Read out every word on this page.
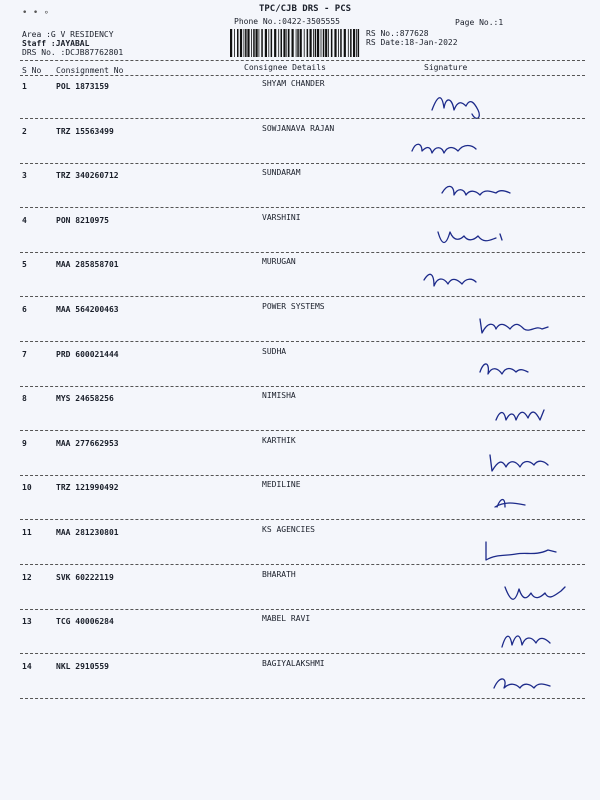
• • ∘	TPC/CJB DRS - PCS
Phone No.:0422-3505555
Area :G V RESIDENCY
Staff :JAYABAL
DRS No. :DCJB87762801
RS No.:877628
RS Date:18-Jan-2022
Page No.:1
S No Consignment No	Consignee Details	Signature
1	POL 1873159	SHYAM CHANDER
2	TRZ 15563499	SOWJANAVA RAJAN
3	TRZ 340260712	SUNDARAM
4	PON 8210975	VARSHINI
5	MAA 285858701	MURUGAN
6	MAA 564200463	POWER SYSTEMS
7	PRD 600021444	SUDHA
8	MYS 24658256	NIMISHA
9	MAA 277662953	KARTHIK
10	TRZ 121990492	MEDILINE
11	MAA 281230801	KS AGENCIES
12	SVK 60222119	BHARATH
13	TCG 40006284	MABEL RAVI
14	NKL 2910559	BAGIYALAKSHMI
